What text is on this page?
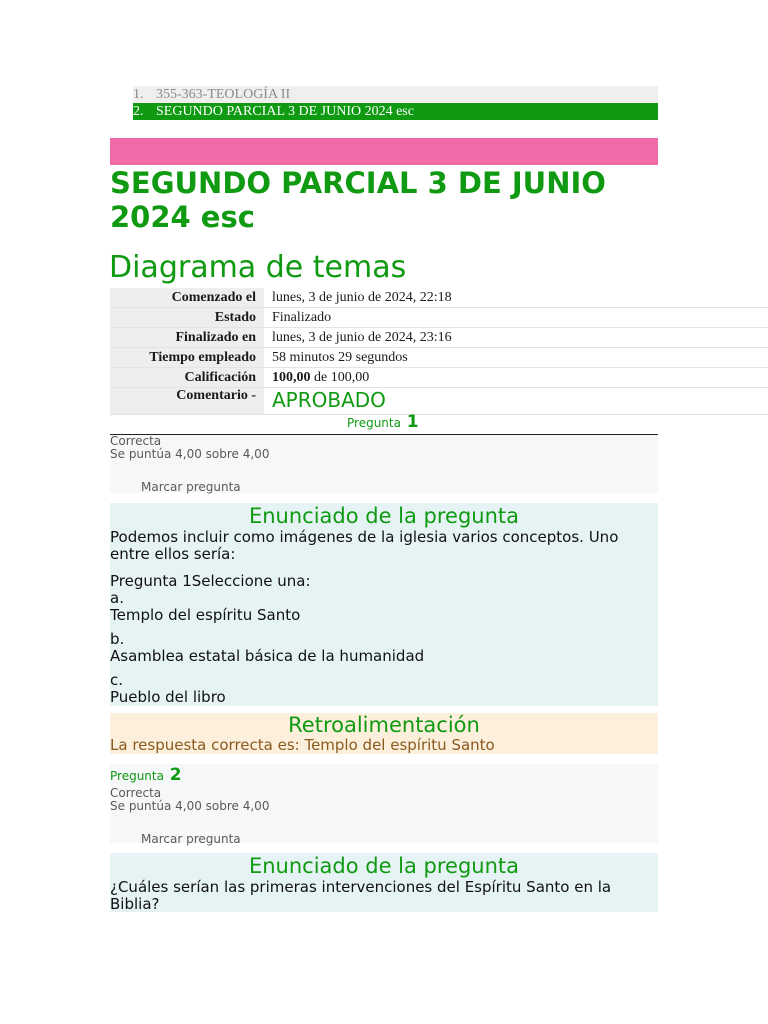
1. 355-363-TEOLOGÍA II
2. SEGUNDO PARCIAL 3 DE JUNIO 2024 esc
SEGUNDO PARCIAL 3 DE JUNIO 2024 esc
Diagrama de temas
Comenzado el	lunes, 3 de junio de 2024, 22:18
Estado	Finalizado
Finalizado en	lunes, 3 de junio de 2024, 23:16
Tiempo empleado	58 minutos 29 segundos
Calificación	100,00 de 100,00
Comentario -	APROBADO
Pregunta 1
Correcta
Se puntúa 4,00 sobre 4,00
Marcar pregunta
Enunciado de la pregunta

Podemos incluir como imágenes de la iglesia varios conceptos. Uno entre ellos sería:

Pregunta 1Seleccione una:

a.
Templo del espíritu Santo
b.
Asamblea estatal básica de la humanidad
c.
Pueblo del libro
Retroalimentación
La respuesta correcta es: Templo del espíritu Santo
Pregunta 2
Correcta
Se puntúa 4,00 sobre 4,00
Marcar pregunta
Enunciado de la pregunta

¿Cuáles serían las primeras intervenciones del Espíritu Santo en la Biblia?
